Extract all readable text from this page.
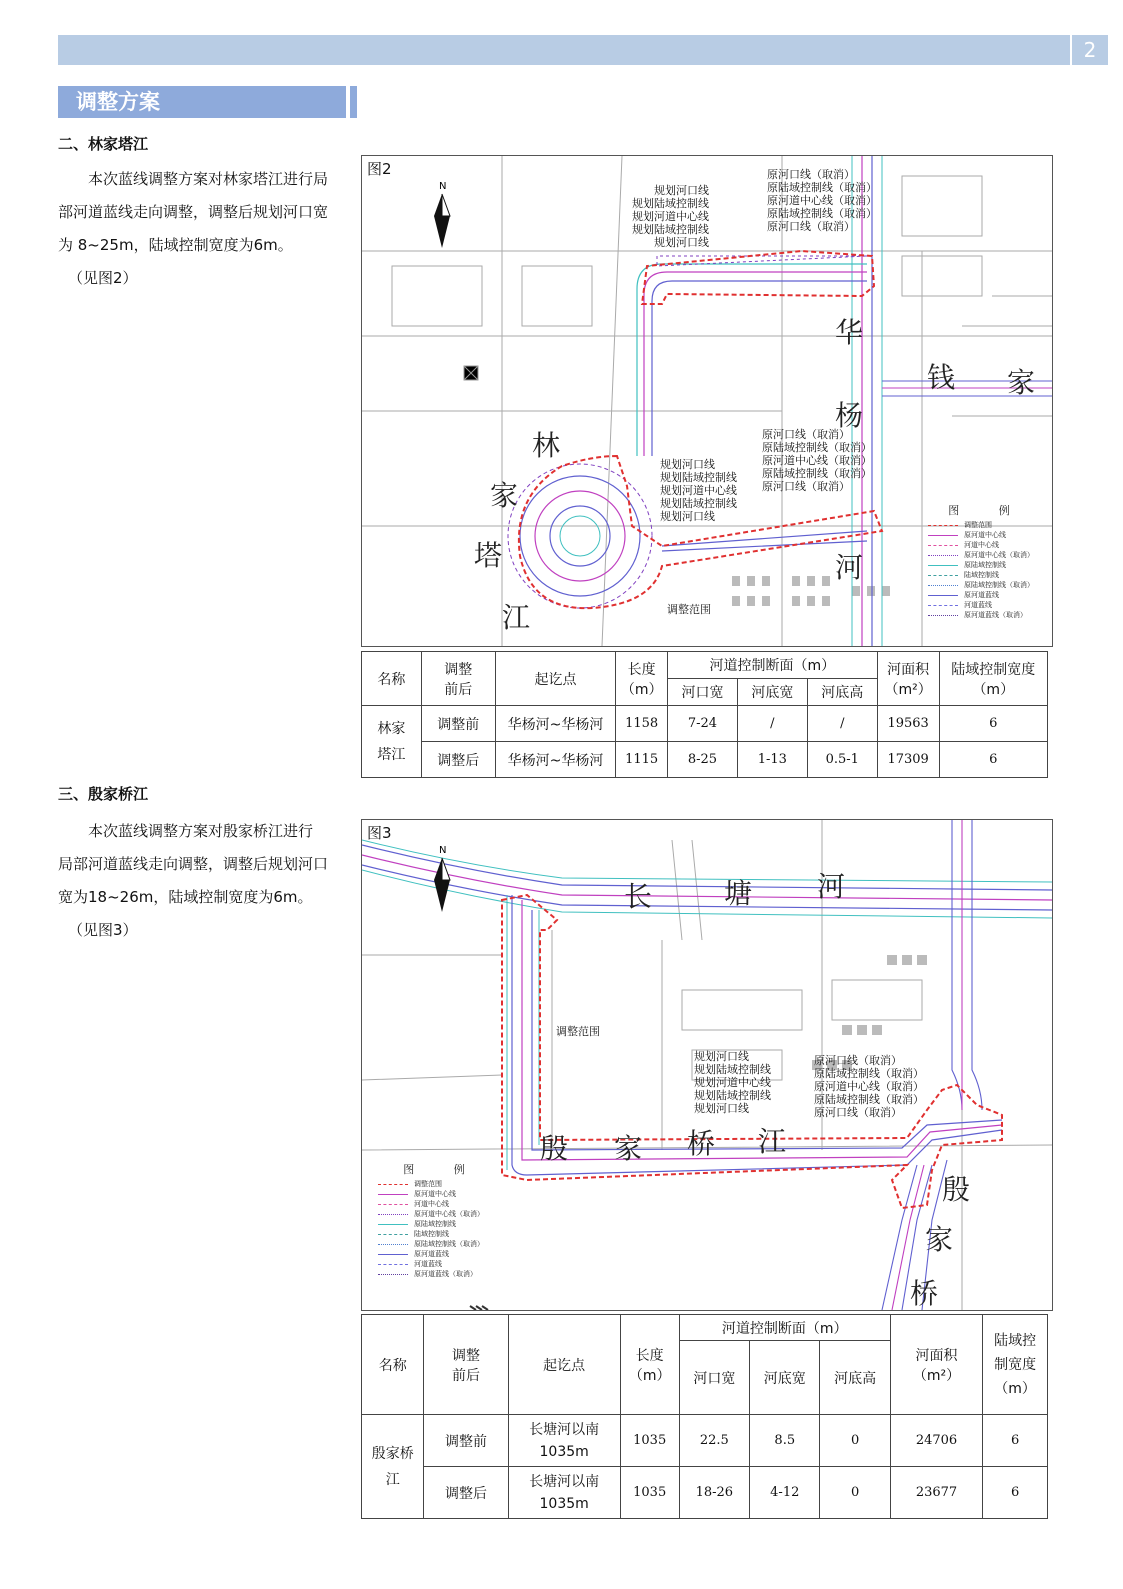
2
调整方案
二、林家塔江
本次蓝线调整方案对林家塔江进行局
部河道蓝线走向调整，调整后规划河口宽
为 8~25m，陆域控制宽度为6m。
（见图2）
N
图2
林
家
塔
江
华
杨
河
钱 家
规划河口线
规划陆域控制线
规划河道中心线
规划陆域控制线
规划河口线
原河口线（取消）
原陆域控制线（取消）
原河道中心线（取消）
原陆域控制线（取消）
原河口线（取消）
规划河口线
规划陆域控制线
规划河道中心线
规划陆域控制线
规划河口线
原河口线（取消）
原陆域控制线（取消）
原河道中心线（取消）
原陆域控制线（取消）
原河口线（取消）
调整范围
图 例
调整范围
原河道中心线
河道中心线
原河道中心线（取消）
原陆域控制线
陆域控制线
原陆域控制线（取消）
原河道蓝线
河道蓝线
原河道蓝线（取消）
名称	调整
前后	起讫点	长度
（m）	河道控制断面（m）			河面积
（m²）	陆域控制宽度
（m）
				河口宽	河底宽	河底高		
林家
塔江	调整前	华杨河~华杨河	1158	7-24	/	/	19563	6
	调整后	华杨河~华杨河	1115	8-25	1-13	0.5-1	17309	6
三、殷家桥江
本次蓝线调整方案对殷家桥江进行
局部河道蓝线走向调整，调整后规划河口
宽为18~26m，陆域控制宽度为6m。
（见图3）
N
图3
长	塘 河
殷 家 桥 江
殷
家
桥
规划河口线
规划陆域控制线
规划河道中心线
规划陆域控制线
规划河口线
原河口线（取消）
原陆域控制线（取消）
原河道中心线（取消）
原陆域控制线（取消）
原河口线（取消）
调整范围
图 例
调整范围
原河道中心线
河道中心线
原河道中心线（取消）
原陆域控制线
陆域控制线
原陆域控制线（取消）
原河道蓝线
河道蓝线
原河道蓝线（取消）
名称	调整
前后	起讫点	长度
（m）	河道控制断面（m）			河面积
（m²）	陆域控
制宽度
（m）
				河口宽	河底宽	河底高		
殷家桥
江	调整前	长塘河以南
1035m	1035	22.5	8.5	0	24706	6
	调整后	长塘河以南
1035m	1035	18-26	4-12	0	23677	6
